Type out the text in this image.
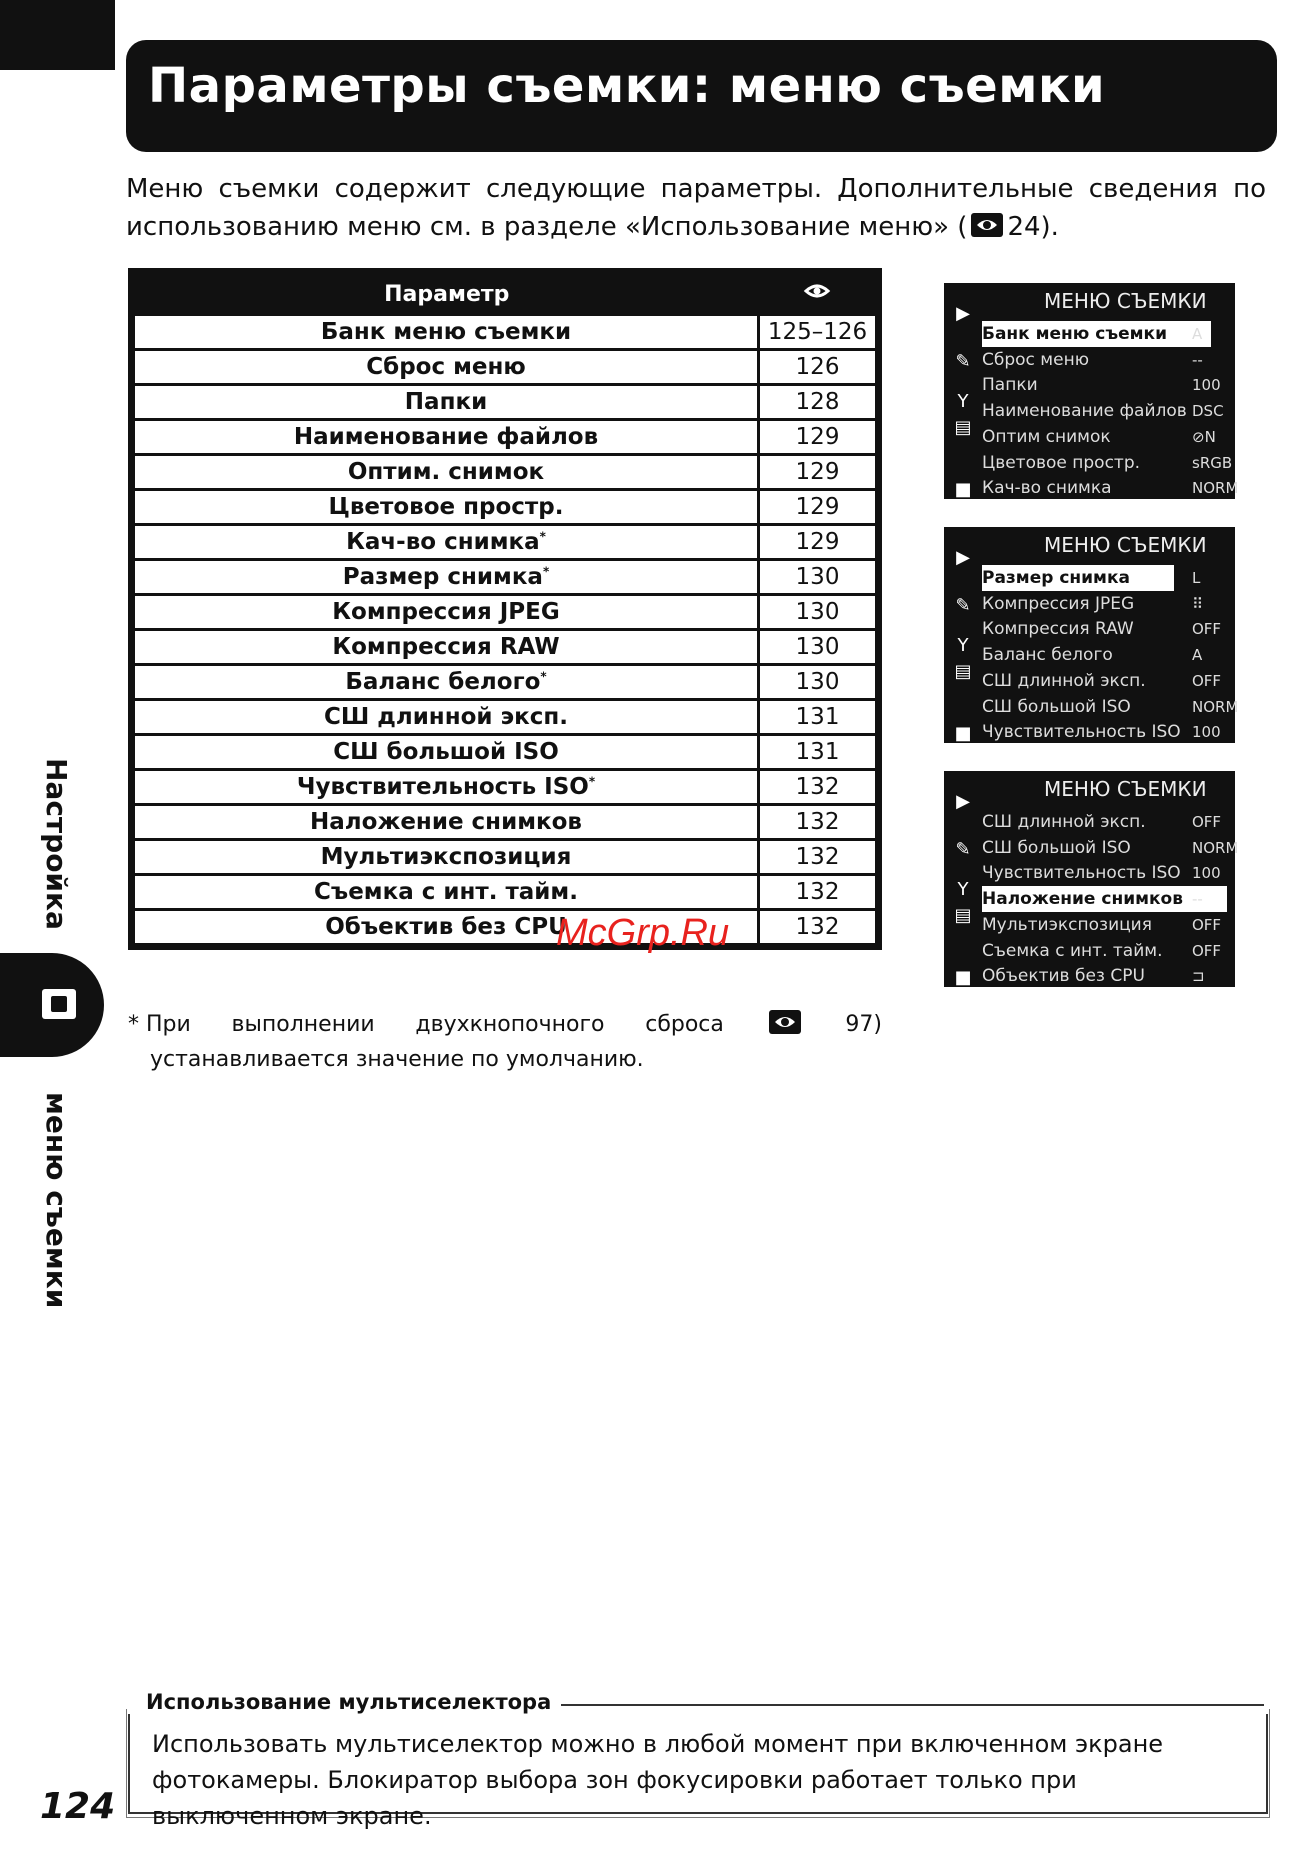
Параметры съемки: меню съемки
Меню съемки содержит следующие параметры. Дополнительные сведения по использованию меню см. в разделе «Использование меню» ( 24).
Параметр	
Банк меню съемки	125–126
Сброс меню	126
Папки	128
Наименование файлов	129
Оптим. снимок	129
Цветовое простр.	129
Кач-во снимка*	129
Размер снимка*	130
Компрессия JPEG	130
Компрессия RAW	130
Баланс белого*	130
СШ длинной эксп.	131
СШ большой ISO	131
Чувствительность ISO*	132
Наложение снимков	132
Мультиэкспозиция	132
Съемка с инт. тайм.	132
Объектив без CPU	132
McGrp.Ru
* При выполнении двухкнопочного сброса	97)
устанавливается значение по умолчанию.
▶
✎
Y
▤
■
МЕНЮ СЪЕМКИ
Банк меню съемки	A
Сброс меню	--
Папки	100
Наименование файлов DSC
Оптим снимок	⊘N
Цветовое простр.	sRGB
Кач-во снимка	NORM
▶
✎
Y
▤
■
МЕНЮ СЪЕМКИ
Размер снимка	L
Компрессия JPEG	⠿
Компрессия RAW	OFF
Баланс белого	A
СШ длинной эксп.	OFF
СШ большой ISO	NORM
Чувствительность ISO 100
▶
✎
Y
▤
■
МЕНЮ СЪЕМКИ
СШ длинной эксп.	OFF
СШ большой ISO	NORM
Чувствительность ISO 100
Наложение снимков --
Мультиэкспозиция	OFF
Съемка с инт. тайм. OFF
Объектив без CPU	⊐
Настройка
меню съемки
Использование мультиселектора
Использовать мультиселектор можно в любой момент при включенном экране фотокамеры. Блокиратор выбора зон фокусировки работает только при выключенном экране.
124
